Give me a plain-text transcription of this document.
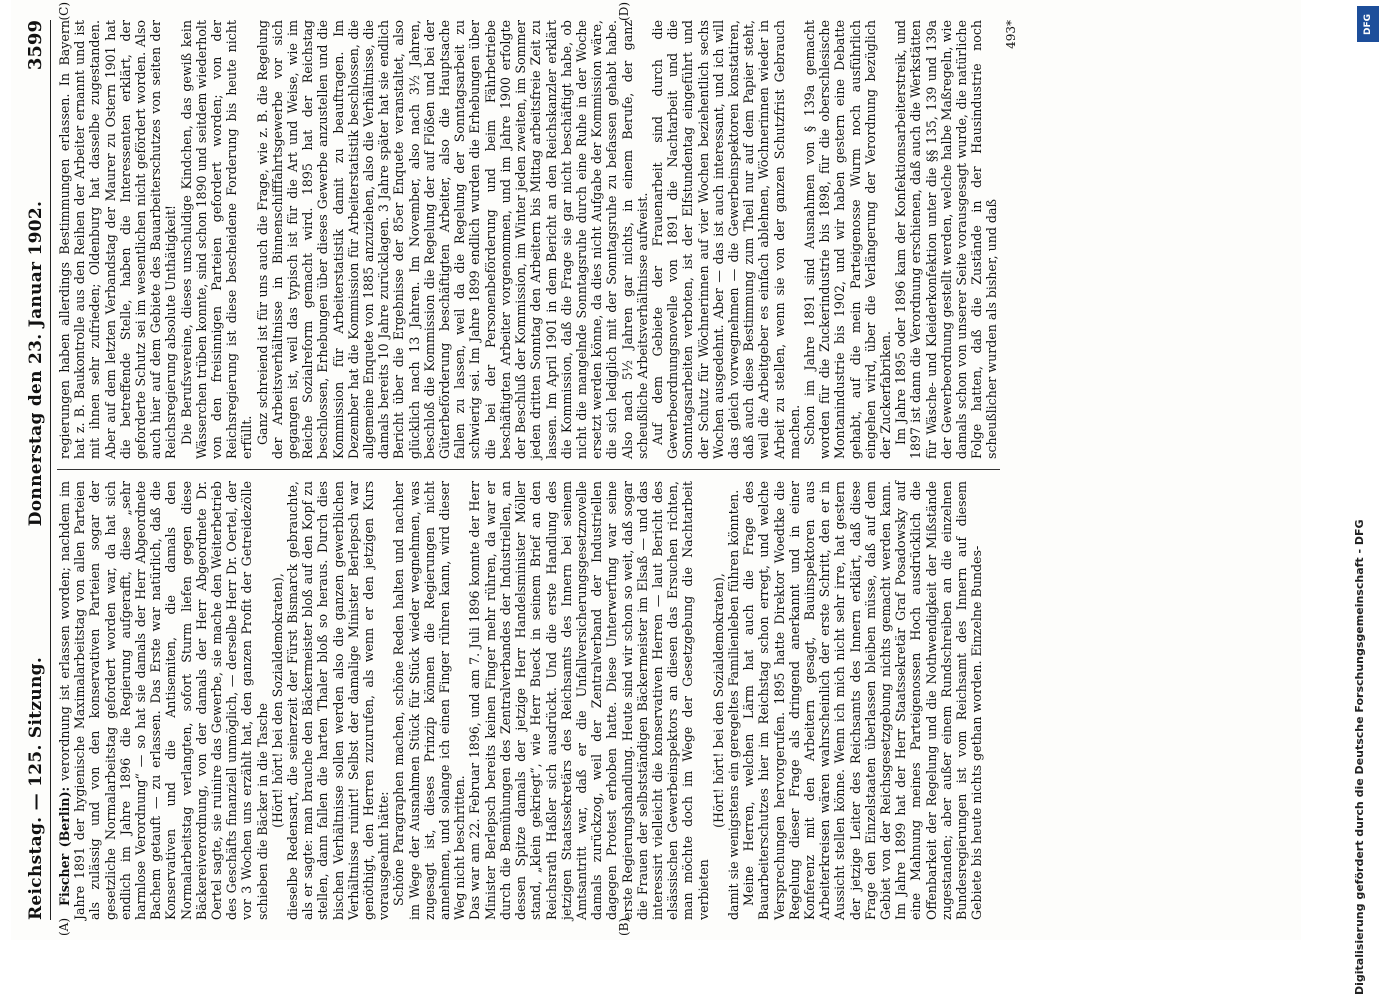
Reichstag. — 125. Sitzung.
Donnerstag den 23. Januar 1902.
3599
(A)	(B)
(C)	(D)

Fischer (Berlin): verordnung ist erlassen worden; nachdem im Jahre 1891 der hygienische Maximalarbeitstag von allen Parteien als zulässig und von den konservativen Parteien sogar der gesetzliche Normalarbeitstag gefordert worden war, da hat sich endlich im Jahre 1896 die Regierung aufgerafft, diese „sehr harmlose Verordnung“ — so hat sie damals der Herr Abgeordnete Bachem getauft — zu erlassen. Das Erste war natürlich, daß die Konservativen und die Antisemiten, die damals den Normalarbeitstag verlangten, sofort Sturm liefen gegen diese Bäckereiverordnung, von der damals der Herr Abgeordnete Dr. Oertel sagte, sie ruinire das Gewerbe, sie mache den Weiterbetrieb des Geschäfts finanziell unmöglich, — derselbe Herr Dr. Oertel, der vor 3 Wochen uns erzählt hat, den ganzen Profit der Getreidezölle schieben die Bäcker in die Tasche (Hört! hört! bei den Sozialdemokraten), dieselbe Redensart, die seinerzeit der Fürst Bismarck gebrauchte, als er sagte: man brauche den Bäckermeister bloß auf den Kopf zu stellen, dann fallen die harten Thaler bloß so heraus. Durch dies bischen Verhältnisse sollen werden also die ganzen gewerblichen Verhältnisse ruinirt! Selbst der damalige Minister Berlepsch war genöthigt, den Herren zuzurufen, als wenn er den jetzigen Kurs vorausgeahnt hätte: Schöne Paragraphen machen, schöne Reden halten und nachher im Wege der Ausnahmen Stück für Stück wieder wegnehmen, was zugesagt ist, dieses Prinzip können die Regierungen nicht annehmen, und solange ich einen Finger rühren kann, wird dieser Weg nicht beschritten. Das war am 22. Februar 1896, und am 7. Juli 1896 konnte der Herr Minister Berlepsch bereits keinen Finger mehr rühren, da war er durch die Bemühungen des Zentralverbandes der Industriellen, an dessen Spitze damals der jetzige Herr Handelsminister Möller stand, „klein gekriegt“, wie Herr Bueck in seinem Brief an den Reichsrath Haßler sich ausdrückt. Und die erste Handlung des jetzigen Staatssekretärs des Reichsamts des Innern bei seinem Amtsantritt war, daß er die Unfallversicherungsgesetznovelle damals zurückzog, weil der Zentralverband der Industriellen dagegen Protest erhoben hatte. Diese Unterwerfung war seine erste Regierungshandlung. Heute sind wir schon so weit, daß sogar die Frauen der selbstständigen Bäckermeister im Elsaß — und das interessirt vielleicht die konservativen Herren — laut Bericht des elsässischen Gewerbeinspektors an diesen das Ersuchen richten, man möchte doch im Wege der Gesetzgebung die Nachtarbeit verbieten

(Hört! hört! bei den Sozialdemokraten), damit sie wenigstens ein geregeltes Familienleben führen könnten. Meine Herren, welchen Lärm hat auch die Frage des Bauarbeiterschutzes hier im Reichstag schon erregt, und welche Versprechungen hervorgerufen. 1895 hatte Direktor Woedtke die Regelung dieser Frage als dringend anerkannt und in einer Konferenz mit den Arbeitern gesagt, Bauinspektoren aus Arbeiterkreisen wären wahrscheinlich der erste Schritt, den er in Aussicht stellen könne. Wenn ich mich nicht sehr irre, hat gestern der jetzige Leiter des Reichsamts des Innern erklärt, daß diese Frage den Einzelstaaten überlassen bleiben müsse, daß auf dem Gebiet von der Reichsgesetzgebung nichts gemacht werden kann. Im Jahre 1899 hat der Herr Staatssekretär Graf Posadowsky auf eine Mahnung meines Parteigenossen Hoch ausdrücklich die Offenbarkeit der Regelung und die Nothwendigkeit der Mißstände zugestanden; aber außer einem Rundschreiben an die einzelnen Bundesregierungen ist vom Reichsamt des Innern auf diesem Gebiete bis heute nichts gethan worden. Einzelne Bundes-

regierungen haben allerdings Bestimmungen erlassen. In Bayern hat z. B. Baukontrolle aus den Reihen der Arbeiter ernannt und ist mit ihnen sehr zufrieden; Oldenburg hat dasselbe zugestanden. Aber auf dem letzten Verbandstag der Maurer zu Ostern 1901 hat die betreffende Stelle, haben die Interessenten erklärt, der geforderte Schutz sei im wesentlichen nicht gefördert worden. Also auch hier auf dem Gebiete des Bauarbeiterschutzes von seiten der Reichsregierung absolute Unthätigkeit! Die Berufsvereine, dieses unschuldige Kindchen, das gewiß kein Wässerchen trüben konnte, sind schon 1890 und seitdem wiederholt von den freisinnigen Parteien gefordert worden; von der Reichsregierung ist diese bescheidene Forderung bis heute nicht erfüllt. Ganz schreiend ist für uns auch die Frage, wie z. B. die Regelung der Arbeitsverhältnisse in Binnenschifffahrtsgewerbe vor sich gegangen ist, weil das typisch ist für die Art und Weise, wie im Reiche Sozialreform gemacht wird. 1895 hat der Reichstag beschlossen, Erhebungen über dieses Gewerbe anzustellen und die Kommission für Arbeiterstatistik damit zu beauftragen. Im Dezember hat die Kommission für Arbeiterstatistik beschlossen, die allgemeine Enquete von 1885 anzuziehen, also die Verhältnisse, die damals bereits 10 Jahre zurücklagen. 3 Jahre später hat sie endlich Bericht über die Ergebnisse der 85er Enquete veranstaltet, also glücklich nach 13 Jahren. Im November, also nach 3½ Jahren, beschloß die Kommission die Regelung der auf Flößen und bei der Güterbeförderung beschäftigten Arbeiter, also die Hauptsache fallen zu lassen, weil da die Regelung der Sonntagsarbeit zu schwierig sei. Im Jahre 1899 endlich wurden die Erhebungen über die bei der Personenbeförderung und beim Fährbetriebe beschäftigten Arbeiter vorgenommen, und im Jahre 1900 erfolgte der Beschluß der Kommission, im Winter jeden zweiten, im Sommer jeden dritten Sonntag den Arbeitern bis Mittag arbeitsfreie Zeit zu lassen. Im April 1901 in dem Bericht an den Reichskanzler erklärt die Kommission, daß die Frage sie gar nicht beschäftigt habe, ob nicht die mangelnde Sonntagsruhe durch eine Ruhe in der Woche ersetzt werden könne, da dies nicht Aufgabe der Kommission wäre, die sich lediglich mit der Sonntagsruhe zu befassen gehabt habe. Also nach 5½ Jahren gar nichts, in einem Berufe, der ganz scheußliche Arbeitsverhältnisse aufweist. Auf dem Gebiete der Frauenarbeit sind durch die Gewerbeordnungsnovelle von 1891 die Nachtarbeit und die Sonntagsarbeiten verboten, ist der Elfstundentag eingeführt und der Schutz für Wöchnerinnen auf vier Wochen beziehentlich sechs Wochen ausgedehnt. Aber — das ist auch interessant, und ich will das gleich vorwegnehmen — die Gewerbeinspektoren konstatiren, daß auch diese Bestimmung zum Theil nur auf dem Papier steht, weil die Arbeitgeber es einfach ablehnen, Wöchnerinnen wieder in Arbeit zu stellen, wenn sie von der ganzen Schutzfrist Gebrauch machen. Schon im Jahre 1891 sind Ausnahmen von § 139a gemacht worden für die Zuckerindustrie bis 1898, für die oberschlesische Montanindustrie bis 1902, und wir haben gestern eine Debatte gehabt, auf die mein Parteigenosse Wurm noch ausführlich eingehen wird, über die Verlängerung der Verordnung bezüglich der Zuckerfabriken. Im Jahre 1895 oder 1896 kam der Konfektionsarbeiterstreik, und 1897 ist dann die Verordnung erschienen, daß auch die Werkstätten für Wäsche- und Kleiderkonfektion unter die §§ 135, 139 und 139a der Gewerbeordnung gestellt werden, welche halbe Maßregeln, wie damals schon von unserer Seite vorausgesagt wurde, die natürliche Folge hatten, daß die Zustände in der Hausindustrie noch scheußlicher wurden als bisher, und daß

493*	DFG
Digitalisierung gefördert durch die Deutsche Forschungsgemeinschaft - DFG
